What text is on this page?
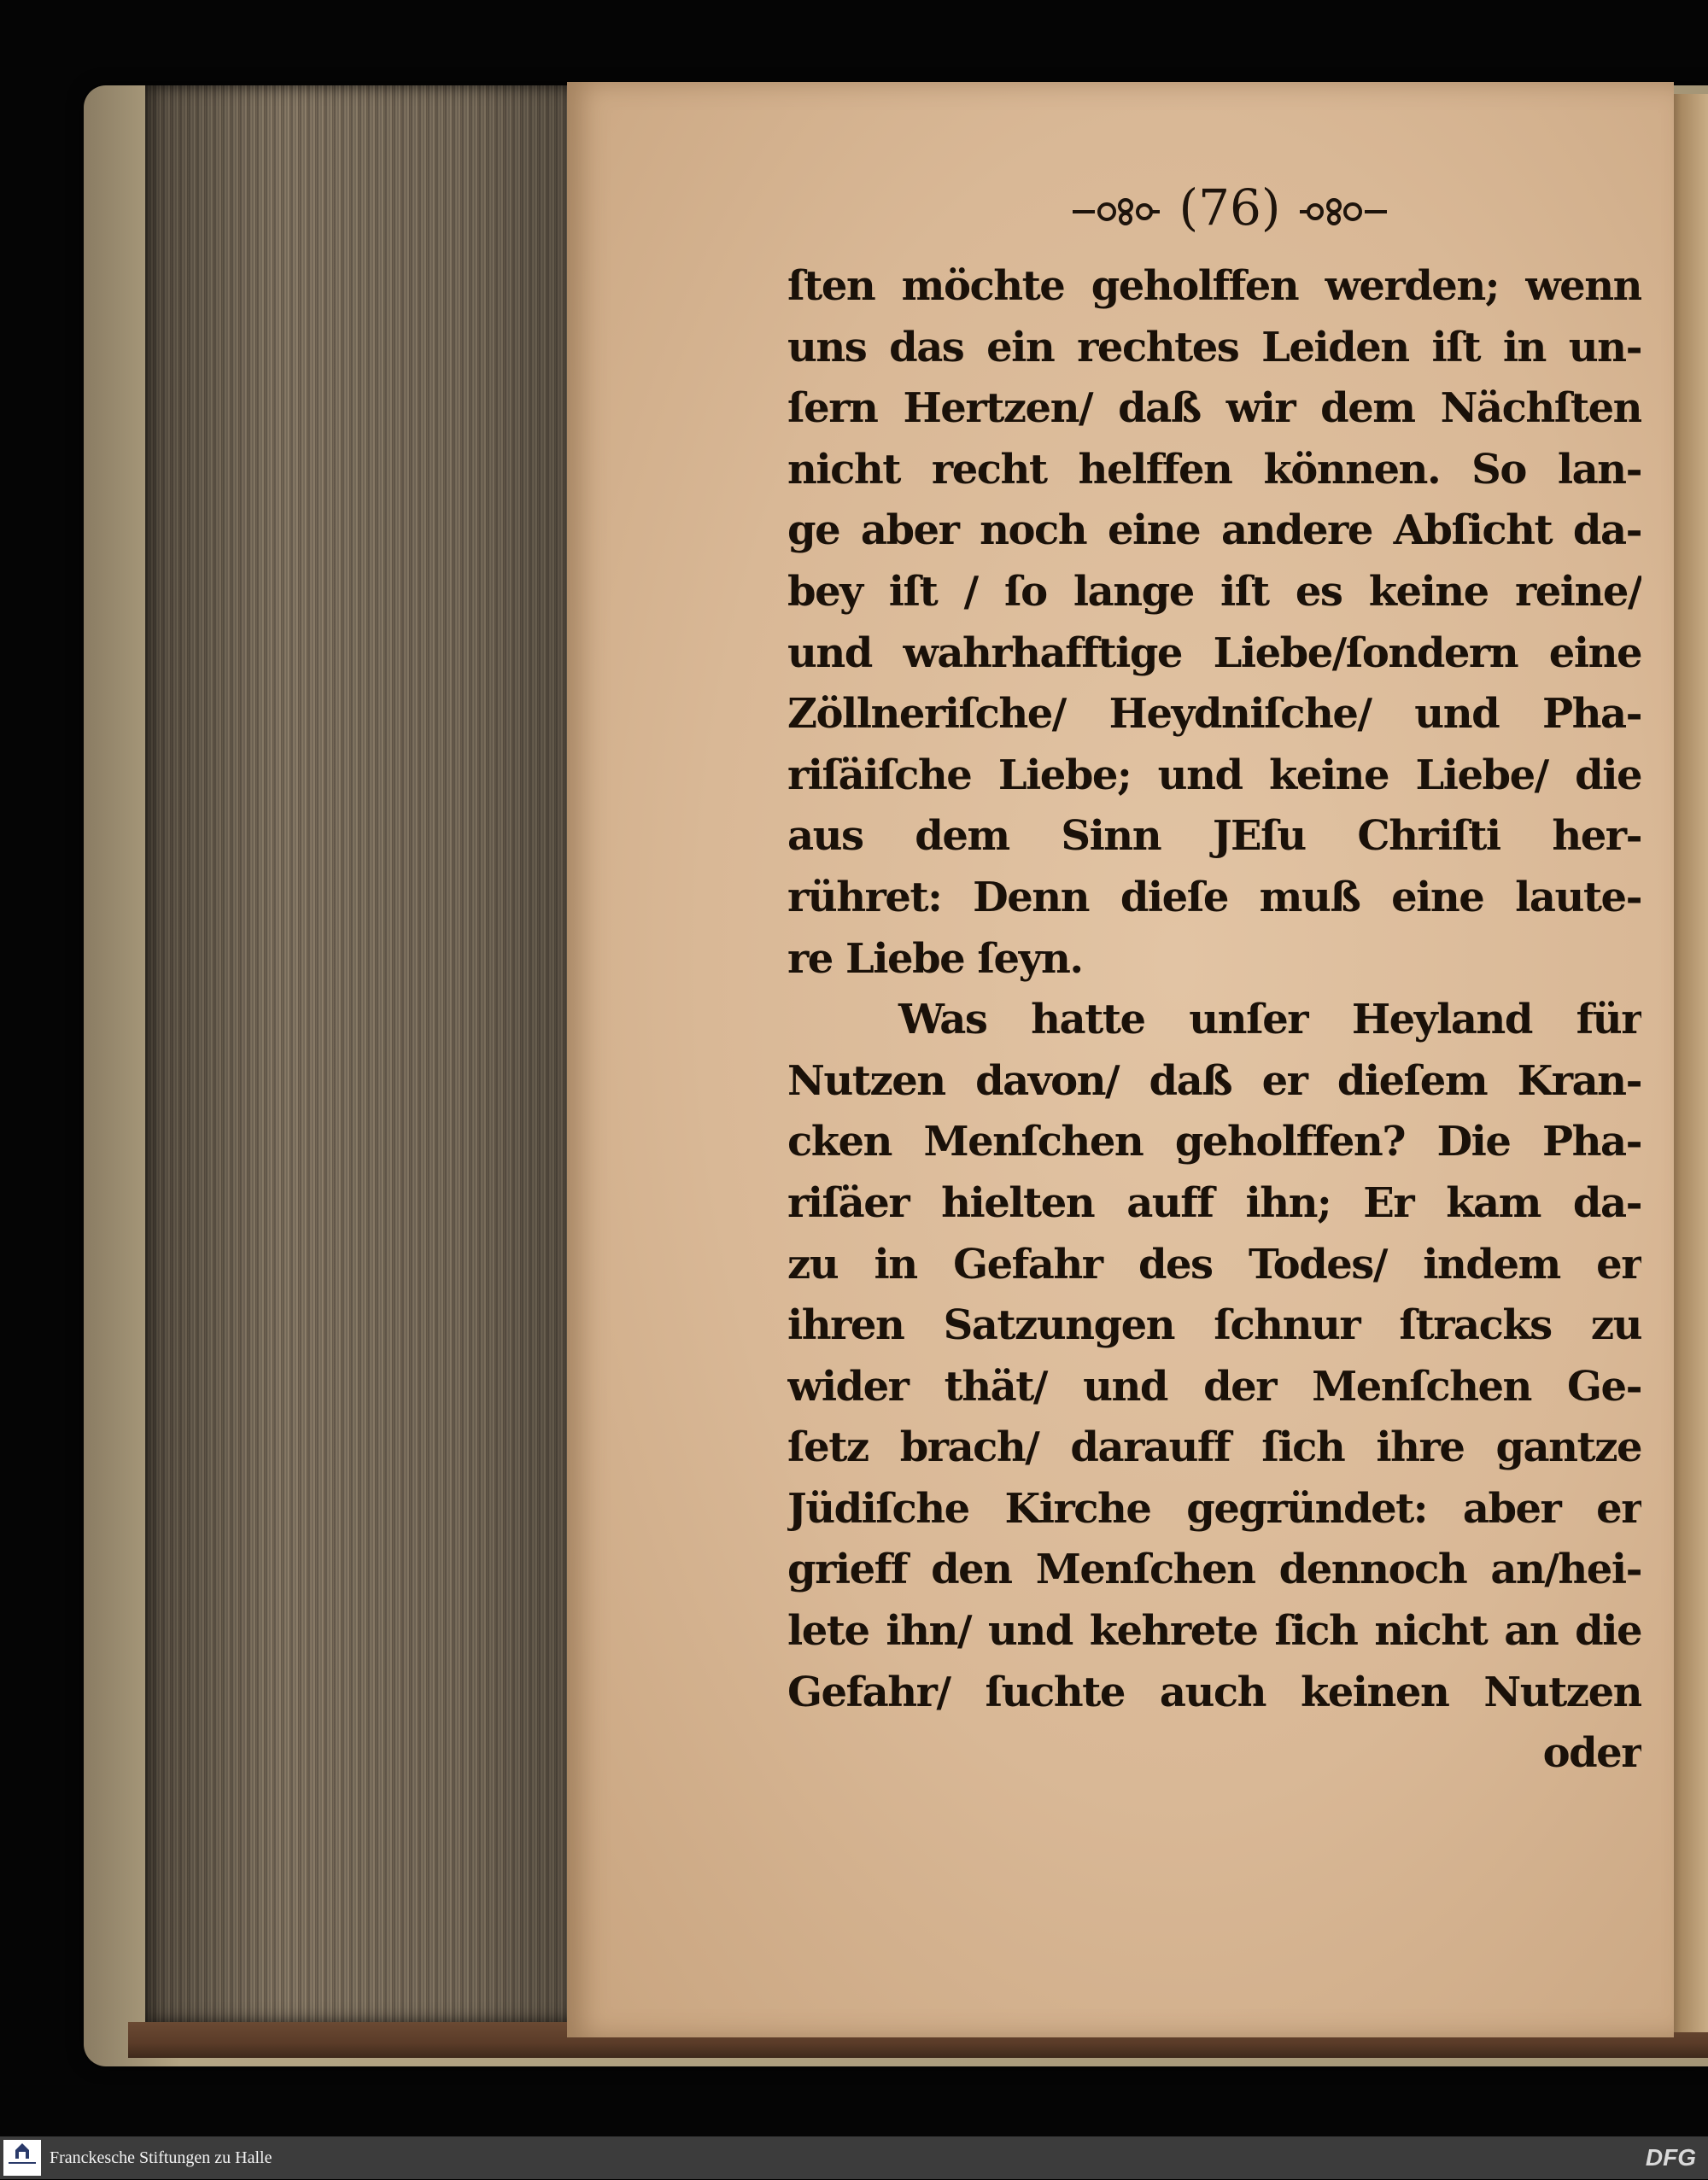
(76)
ſten möchte geholffen werden; wenn
uns das ein rechtes Leiden iſt in un-
ſern Hertzen/ daß wir dem Nächſten
nicht recht helffen können. So lan-
ge aber noch eine andere Abſicht da-
bey iſt / ſo lange iſt es keine reine/
und wahrhafftige Liebe/ſondern eine
Zöllneriſche/ Heydniſche/ und Pha-
riſäiſche Liebe; und keine Liebe/ die
aus dem Sinn JEſu Chriſti her-
rühret: Denn dieſe muß eine laute-
re Liebe ſeyn.
Was hatte unſer Heyland für
Nutzen davon/ daß er dieſem Kran-
cken Menſchen geholffen? Die Pha-
riſäer hielten auff ihn; Er kam da-
zu in Gefahr des Todes/ indem er
ihren Satzungen ſchnur ſtracks zu
wider thät/ und der Menſchen Ge-
ſetz brach/ darauff ſich ihre gantze
Jüdiſche Kirche gegründet: aber er
grieff den Menſchen dennoch an/hei-
lete ihn/ und kehrete ſich nicht an die
Gefahr/ ſuchte auch keinen Nutzen
oder
Franckesche Stiftungen zu Halle	DFG
